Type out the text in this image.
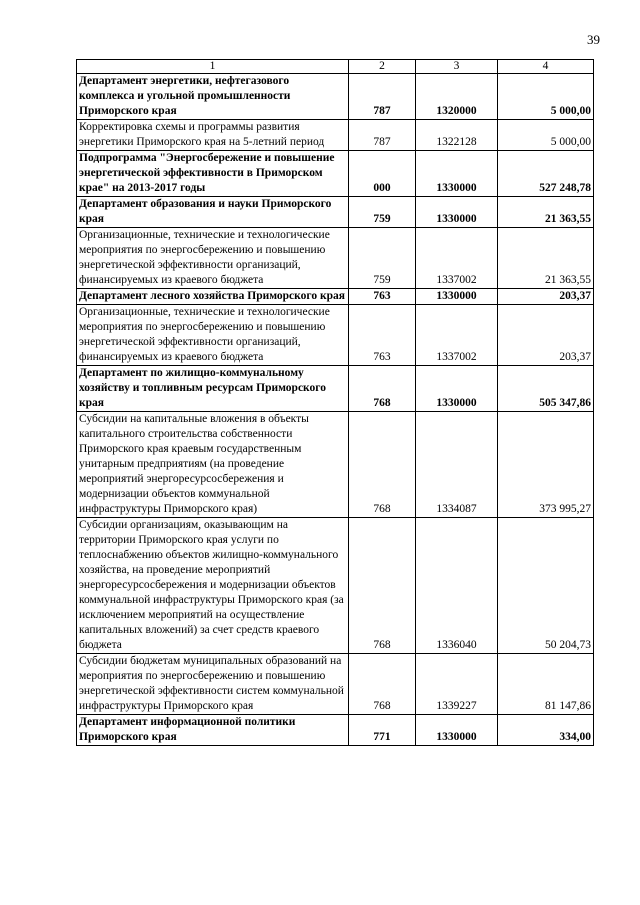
39
1	2	3	4
Департамент энергетики, нефтегазового комплекса и угольной промышленности Приморского края	787	1320000	5 000,00
Корректировка схемы и программы развития энергетики Приморского края на 5-летний период	787	1322128	5 000,00
Подпрограмма "Энергосбережение и повышение энергетической эффективности в Приморском крае" на 2013-2017 годы	000	1330000	527 248,78
Департамент образования и науки Приморского края	759	1330000	21 363,55
Организационные, технические и технологические мероприятия по энергосбережению и повышению энергетической эффективности организаций, финансируемых из краевого бюджета	759	1337002	21 363,55
Департамент лесного хозяйства Приморского края	763	1330000	203,37
Организационные, технические и технологические мероприятия по энергосбережению и повышению энергетической эффективности организаций, финансируемых из краевого бюджета	763	1337002	203,37
Департамент по жилищно-коммунальному хозяйству и топливным ресурсам Приморского края	768	1330000	505 347,86
Субсидии на капитальные вложения в объекты капитального строительства собственности Приморского края краевым государственным унитарным предприятиям (на проведение мероприятий энергоресурсосбережения и модернизации объектов коммунальной инфраструктуры Приморского края)	768	1334087	373 995,27
Субсидии организациям, оказывающим на территории Приморского края услуги по теплоснабжению объектов жилищно-коммунального хозяйства, на проведение мероприятий энергоресурсосбережения и модернизации объектов коммунальной инфраструктуры Приморского края (за исключением мероприятий на осуществление капитальных вложений) за счет средств краевого бюджета	768	1336040	50 204,73
Субсидии бюджетам муниципальных образований на мероприятия по энергосбережению и повышению энергетической эффективности систем коммунальной инфраструктуры Приморского края	768	1339227	81 147,86
Департамент информационной политики Приморского края	771	1330000	334,00
